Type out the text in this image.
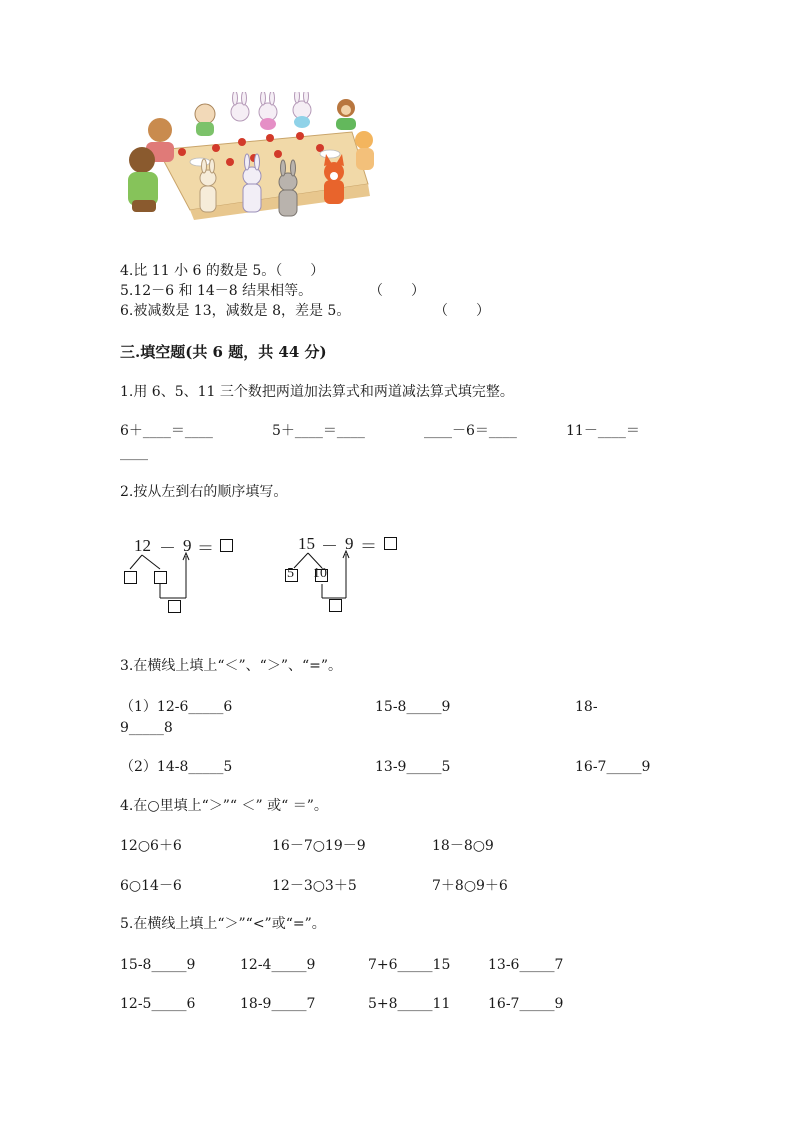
4.比 11 小 6 的数是 5。（　　）
5.12－6 和 14－8 结果相等。	（　　）
6.被减数是 13，减数是 8，差是 5。	（　　）
三.填空题(共 6 题，共 44 分)
1.用 6、5、11 三个数把两道加法算式和两道减法算式填完整。
6＋____＝____	5＋____＝____	____－6＝____	11－____＝
____
2.按从左到右的顺序填写。
12 － 9 ＝	15 － 9 ＝
5 10
3.在横线上填上“＜”、“＞”、“=”。
（1）12-6_____6	15-8_____9	18-
9_____8
（2）14-8_____5	13-9_____5	16-7_____9
4.在○里填上“＞”“ ＜” 或“ ＝”。
12○6＋6	16－7○19－9	18－8○9
6○14－6	12－3○3＋5	7＋8○9＋6
5.在横线上填上“＞”“<”或“=”。
15-8_____9	12-4_____9	7+6_____15	13-6_____7
12-5_____6	18-9_____7	5+8_____11	16-7_____9
